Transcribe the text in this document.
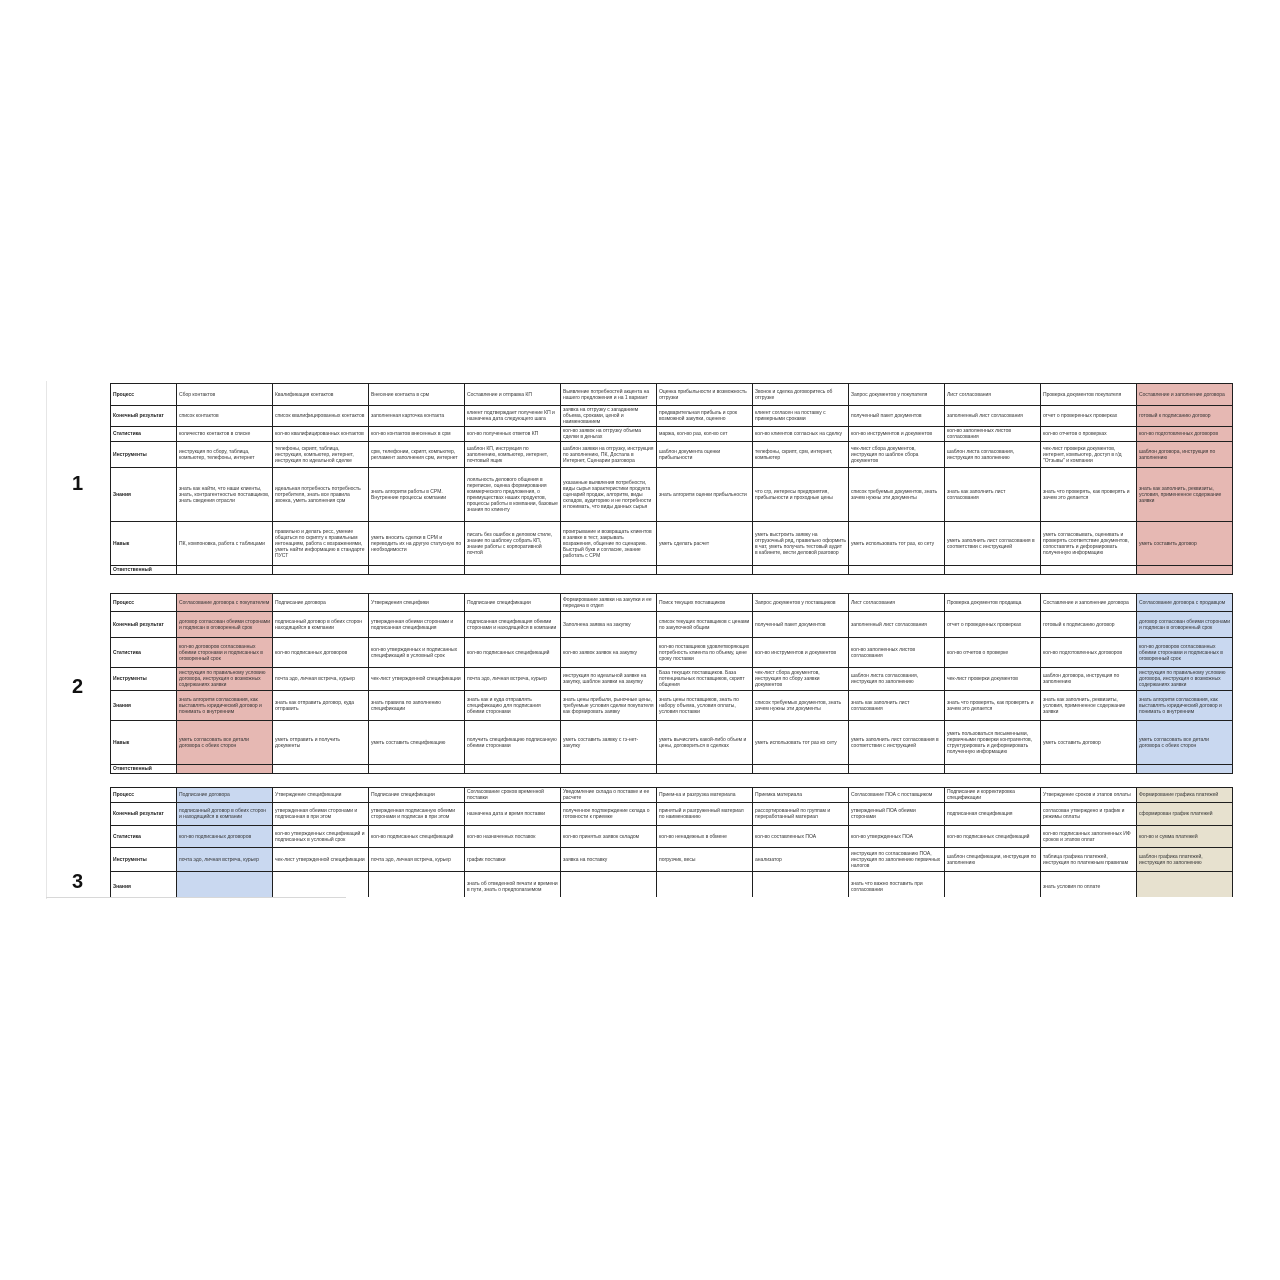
1
2
3
Процесс	Сбор контактов	Квалификация контактов	Внесение контакта в срм	Составление и отправка КП	Выявление потребностей акцента на нашего предложения и на 1 вариант	Оценка прибыльности и возможность отгрузки	Звонок и сделка договоритесь об отгрузке	Запрос документов у покупателя	Лист согласования	Проверка документов покупателя	Составление и заполнение договора
Конечный результат	список контактов	список квалифицированных контактов	заполненная карточка контакта	клиент подтверждает получение КП и назначена дата следующего шага	заявка на отгрузку с загаданием объема, сроками, ценой и наименованием	предварительная прибыль и срок возможной закупки, оценено	клиент согласен на поставку с примерными сроками	полученный пакет документов	заполненный лист согласования	отчет о проверенных проверках	готовый к подписанию договор
Статистика	количество контактов в списке	кол-во квалифицированных контактов	кол-во контактов внесенных в срм	кол-во полученных ответов КП	кол-во заявок на отгрузку объема сделки в деньгах	маржа, кол-во раз, кол-во сет	кол-во клиентов согласных на сделку	кол-во инструментов и документов	кол-во заполненных листов согласования	кол-во отчетов о проверках	кол-во подготовленных договоров
Инструменты	инструкция по сбору, таблица, компьютер, телефоны, интернет	телефоны, скрипт, таблица, инструкция, компьютер, интернет, инструкция по идеальной сделке	срм, телефонии, скрипт, компьютер, регламент заполнения срм, интернет	шаблон КП, инструкция по заполнению, компьютер, интернет, почтовый ящик	шаблон заявки на отгрузку, инструкция по заполнению, ПК, Достала в Интернет, Сценарии разговора	шаблон документа оценки прибыльности	телефоны, скрипт, срм, интернет, компьютер	чек-лист сбора документов, инструкция по шаблон сбора документов	шаблон листа согласования, инструкция по заполнению	чек-лист проверки документов, интернет, компьютер, доступ в г/д "Отзывы" и компании	шаблон договора, инструкция по заполнению
Знания	знать как найти, что наши клиенты, знать, контрагентностью поставщиков, знать сведения отрасли	идеальная потребность потребность потребителя, знать все правила звонка, уметь заполнения срм	знать алгоритм работы в CPM. Внутренние процессы компании	лояльность делового общения в переписке, оценка формирования коммерческого предложения, о преимуществах наших продуктов, процессы работы в компании, базовые знания по клиенту	указанные выявления потребности, виды сырья характеристики продукта сценарий продаж, алгоритм, виды складов, аудиторию и не потребности и понимать, что виды данных сырья	знать алгоритм оценки прибыльности	что сгр, интересы предприятия, прибыльности и проходные цены	список требуемых документов, знать зачем нужны эти документы	знать как заполнить лист согласования	знать что проверять, как проверять и зачем это делается	знать как заполнить, реквизиты, условия, примененное содержание заявки
Навык	ПК, компоновка, работа с таблицами	правильно и делать ресс, умение общаться по скрипту к правильным интонациям, работа с возражениями, уметь найти информацию в стандарте ПУСТ	уметь вносить сделки в СРМ и переводить их на другую статусную по необходимости	писать без ошибок в деловом стиле, знание по шаблону собрать КП, знание работы с корпоративной почтой	проигрывание и возвращать клиентов в заявке в тест, закрывать возражения, общение по сценарию. Быстрый букв и согласие, знание работать с СРМ	уметь сделать расчет	уметь выстроить заявку на отгрузочный ряд, правильно оформить в чат, уметь получать тестовый аудит в кабинете, вести деловой разговор	уметь использовать тот раз, ко сету	уметь заполнить лист согласования в соответствии с инструкцией	уметь согласовывать, оценивать и проверять соответствие документов, сопоставлять и деформировать полученную информацию	уметь составить договор
Ответственный											
Процесс	Согласование договора с покупателем	Подписание договора	Утверждения специфики	Подписание спецификации	Формирование заявки на закупки и ее передача в отдел	Поиск текущих поставщиков	Запрос документов у поставщиков	Лист согласования	Проверка документов продавца	Составление и заполнение договора	Согласование договора с продавцом
Конечный результат	договор согласован обеими сторонами и подписан в оговоренный срок	подписанный договор в обеих сторон находящийся в компании	утвержденная обеими сторонами и подписанная спецификация	подписанная спецификация обеими сторонами и находящейся в компании	Заполнена заявка на закупку	список текущих поставщиков с ценами по закупочной общим	полученный пакет документов	заполненный лист согласования	отчет о проведенных проверках	готовый к подписанию договор	договор согласован обеими сторонами и подписан в оговоренный срок
Статистика	кол-во договоров согласованных обеими сторонами и подписанных в оговоренный срок	кол-во подписанных договоров	кол-во утвержденных и подписанных спецификаций в условный срок	кол-во подписанных спецификаций	кол-во заявок заявок на закупку	кол-во поставщиков удовлетворяющих потребность клиента по объему, цене сроку поставки	кол-во инструментов и документов	кол-во заполненных листов согласования	кол-во отчетов о проверке	кол-во подготовленных договоров	кол-во договоров согласованных обеими сторонами и подписанных в оговоренный срок
Инструменты	инструкция по правильному условию договора, инструкция о возможных содержаниях заявки	почта эдо, личная встреча, курьер	чек-лист утвержденной спецификации	почта эдо, личная встреча, курьер	инструкция по идеальной заявке на закупку, шаблон заявки на закупку	База текущих поставщиков. База потенциальных поставщиков, скрипт общения	чек-лист сбора документов, инструкция по сбору заявки документов	шаблон листа согласования, инструкция по заполнению	чек-лист проверки документов	шаблон договора, инструкция по заполнению	инструкция по правильному условию договора, инструкция о возможных содержаниях заявки
Знания	знать алгоритм согласования, как выставлять юридический договор и понимать о внутренним	знать как отправить договор, куда отправить	знать правила по заполнению спецификации	знать как и куда отправлять спецификацию для подписания обеими сторонами	знать цены прибыли, рыночные цены, требуемые условия сделки покупателя как формировать заявку	знать цены поставщиков, знать по набору объема, условия оплаты, условия поставки	список требуемых документов, знать зачем нужны эти документы	знать как заполнить лист согласования	знать что проверять, как проверять и зачем это делается	знать как заполнить, реквизиты, условия, примененное содержание заявки	знать алгоритм согласования, как выставлять юридический договор и понимать о внутренним
Навык	уметь согласовать все детали договора с обеих сторон	уметь отправить и получить документы	уметь составить спецификацию	получить спецификацию подписанную обеими сторонами	уметь составить заявку с гэ-нет-закупку	уметь вычислить какой-либо объем и цены, договориться в сделках	уметь использовать тот раз ко сету	уметь заполнить лист согласования в соответствии с инструкцией	уметь пользоваться письменными, первичными проверки контрагентов, структурировать и деформировать полученную информацию	уметь составить договор	уметь согласовать все детали договора с обеих сторон
Ответственный											
Процесс	Подписание договора	Утверждение спецификации	Подписание спецификации	Согласование сроков временной поставки	Уведомление склада о поставке и ее расчете	Прием-ка и разгрузка материала	Приемка материала	Согласование ПОА с поставщиком	Подписание и корректировка спецификации	Утверждение сроков и этапов оплаты	Формирование графика платежей
Конечный результат	подписанный договор в обеих сторон и находящийся в компании	утвержденная обеими сторонами и подписанная в при этом	утвержденная подписанную обеими сторонами и подписан в при этом	назначена дата и время поставки	полученное подтверждение склада о готовности к приемке	принятый и разгруженный материал по наименованию	рассортированный по группам и переработанный материал	утвержденный ПОА обеими сторонами	подписанная спецификация	согласован утверждено и график и режимы оплаты	сформирован график платежей
Статистика	кол-во подписанных договоров	кол-во утвержденных спецификаций и подписанных в условный срок	кол-во подписанных спецификаций	кол-во назначенных поставок	кол-во принятых заявок складом	кол-во ненадежных в обмене	кол-во составленных ПОА	кол-во утвержденных ПОА	кол-во подписанных спецификаций	кол-во подписанных заполненных ИФ сроков и этапов оплат	кол-во и сумма платежей
Инструменты	почта эдо, личная встреча, курьер	чек-лист утвержденной спецификации	почта эдо, личная встреча, курьер	график поставки	заявка на поставку	погрузчик, весы	анализатор	инструкция по согласованию ПОА, инструкция по заполнению первичных налогов	шаблон спецификации, инструкция по заполнению	таблица графика платежей, инструкция по платежным правилам	шаблон графика платежей, инструкция по заполнению
Знания				знать об отведенной печати и времени в пути, знать о предполагаемом				знать что важно поставить при согласовании		знать условия по оплате	
